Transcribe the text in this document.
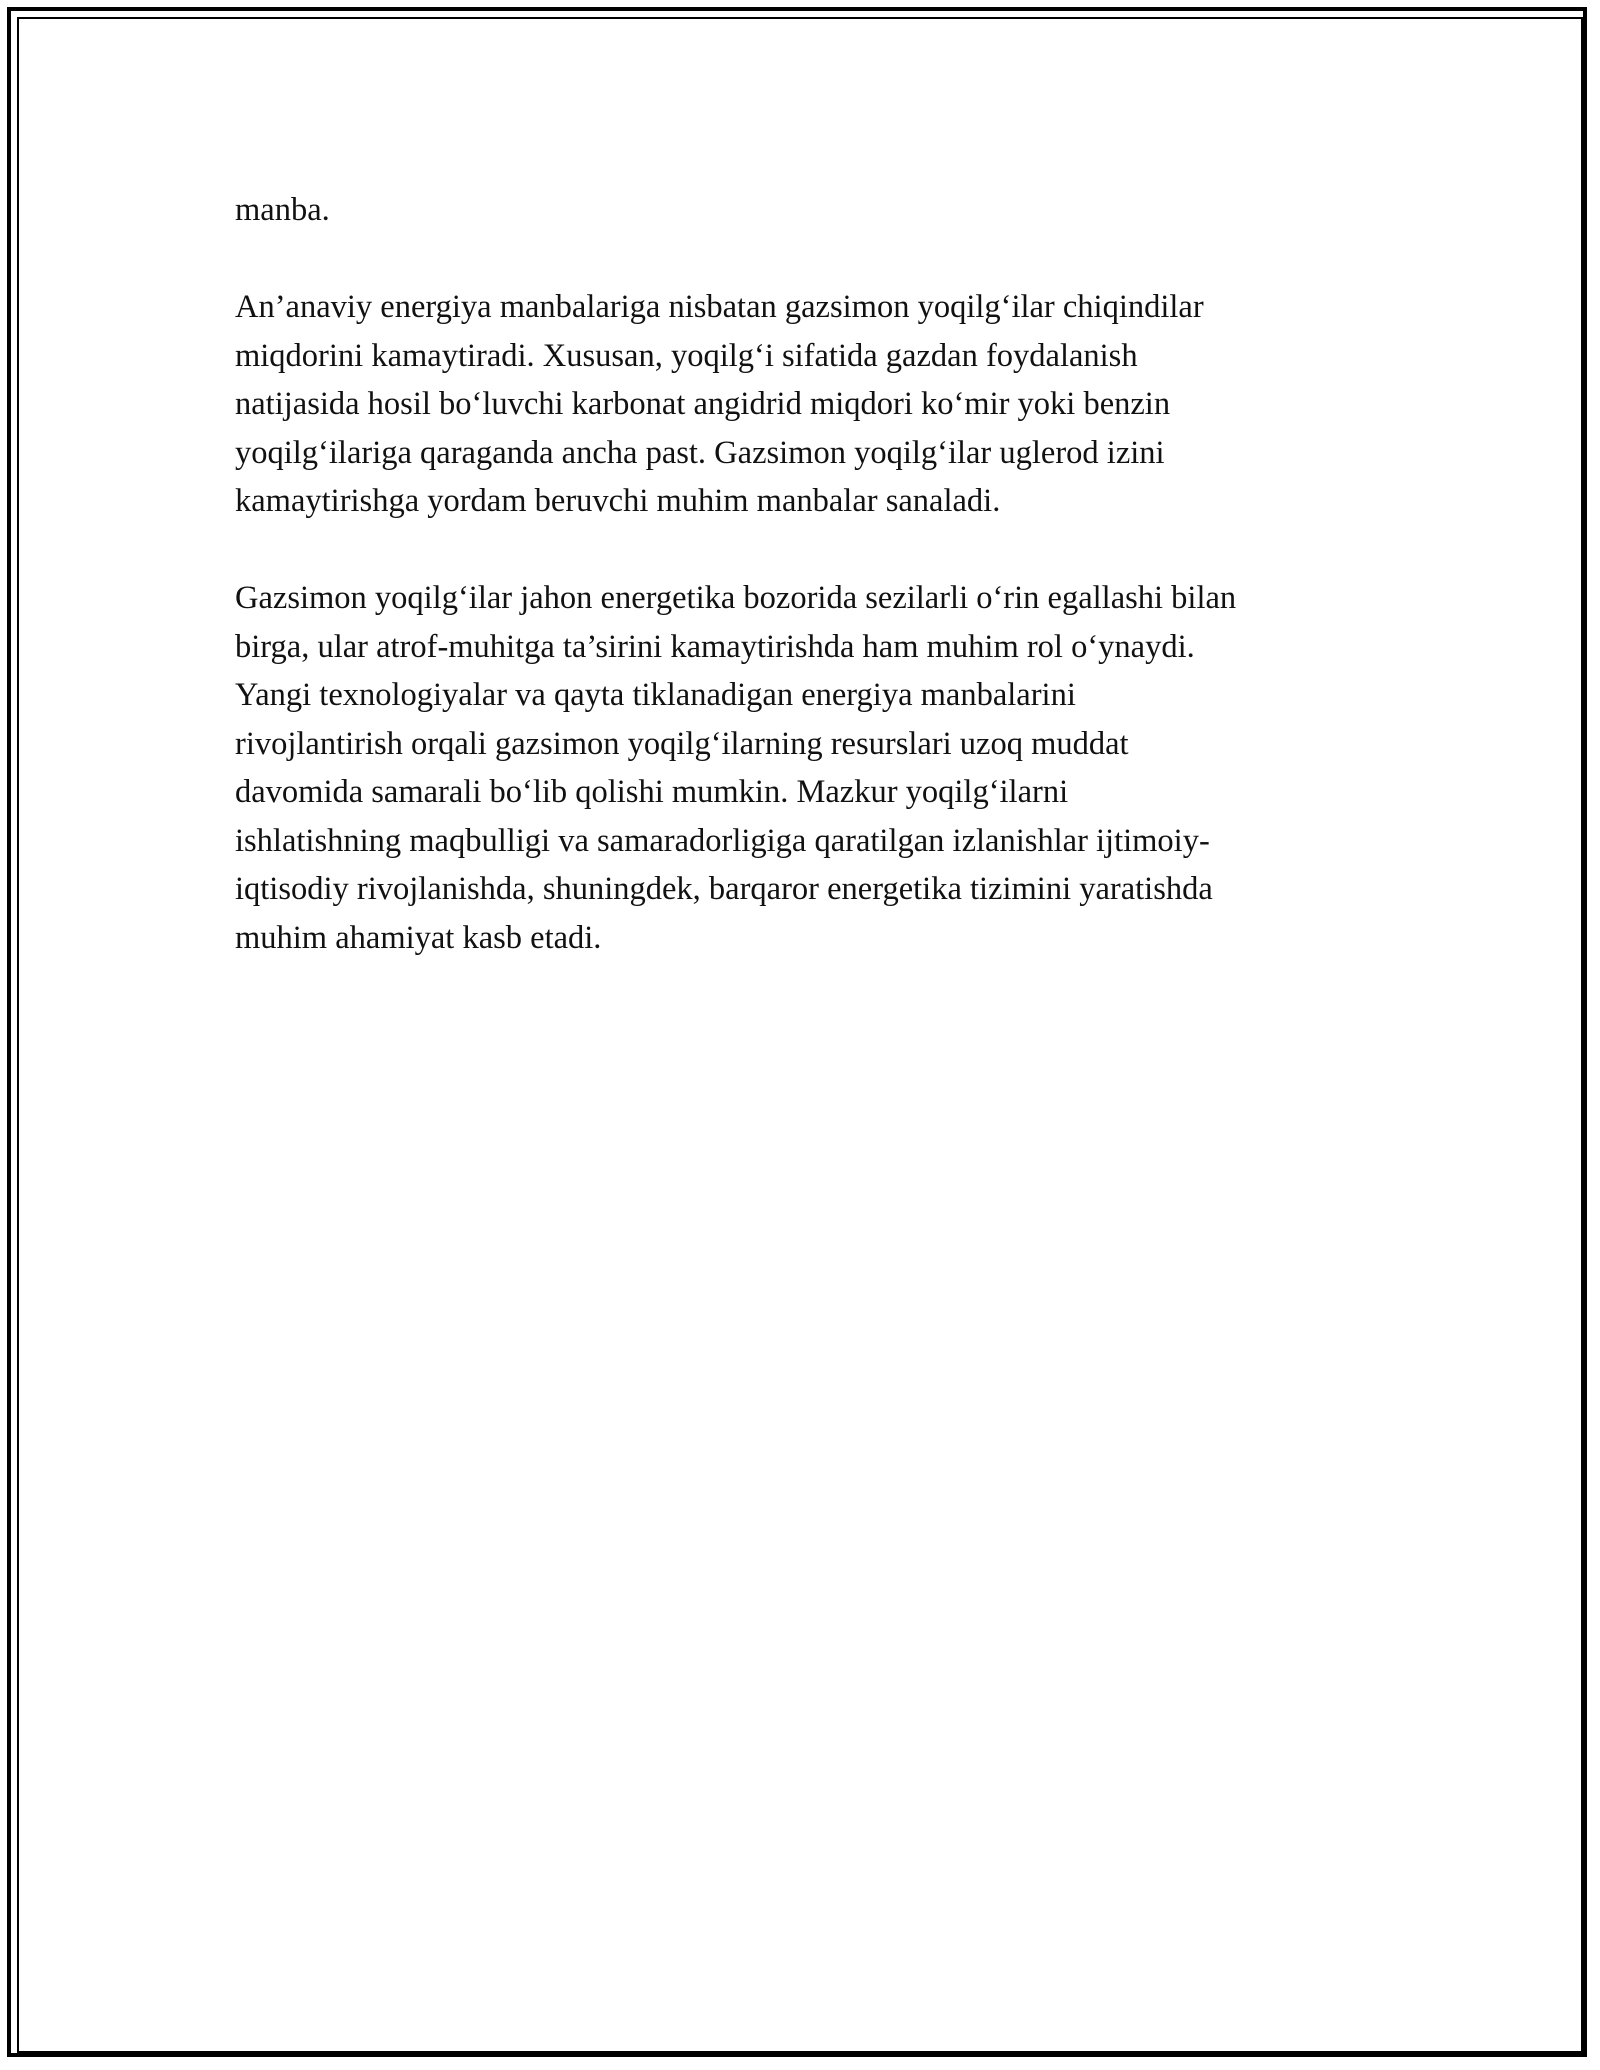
manba.

An’anaviy energiya manbalariga nisbatan gazsimon yoqilg‘ilar chiqindilar
miqdorini kamaytiradi. Xususan, yoqilg‘i sifatida gazdan foydalanish
natijasida hosil bo‘luvchi karbonat angidrid miqdori ko‘mir yoki benzin
yoqilg‘ilariga qaraganda ancha past. Gazsimon yoqilg‘ilar uglerod izini
kamaytirishga yordam beruvchi muhim manbalar sanaladi.

Gazsimon yoqilg‘ilar jahon energetika bozorida sezilarli o‘rin egallashi bilan
birga, ular atrof-muhitga ta’sirini kamaytirishda ham muhim rol o‘ynaydi.
Yangi texnologiyalar va qayta tiklanadigan energiya manbalarini
rivojlantirish orqali gazsimon yoqilg‘ilarning resurslari uzoq muddat
davomida samarali bo‘lib qolishi mumkin. Mazkur yoqilg‘ilarni
ishlatishning maqbulligi va samaradorligiga qaratilgan izlanishlar ijtimoiy-
iqtisodiy rivojlanishda, shuningdek, barqaror energetika tizimini yaratishda
muhim ahamiyat kasb etadi.
